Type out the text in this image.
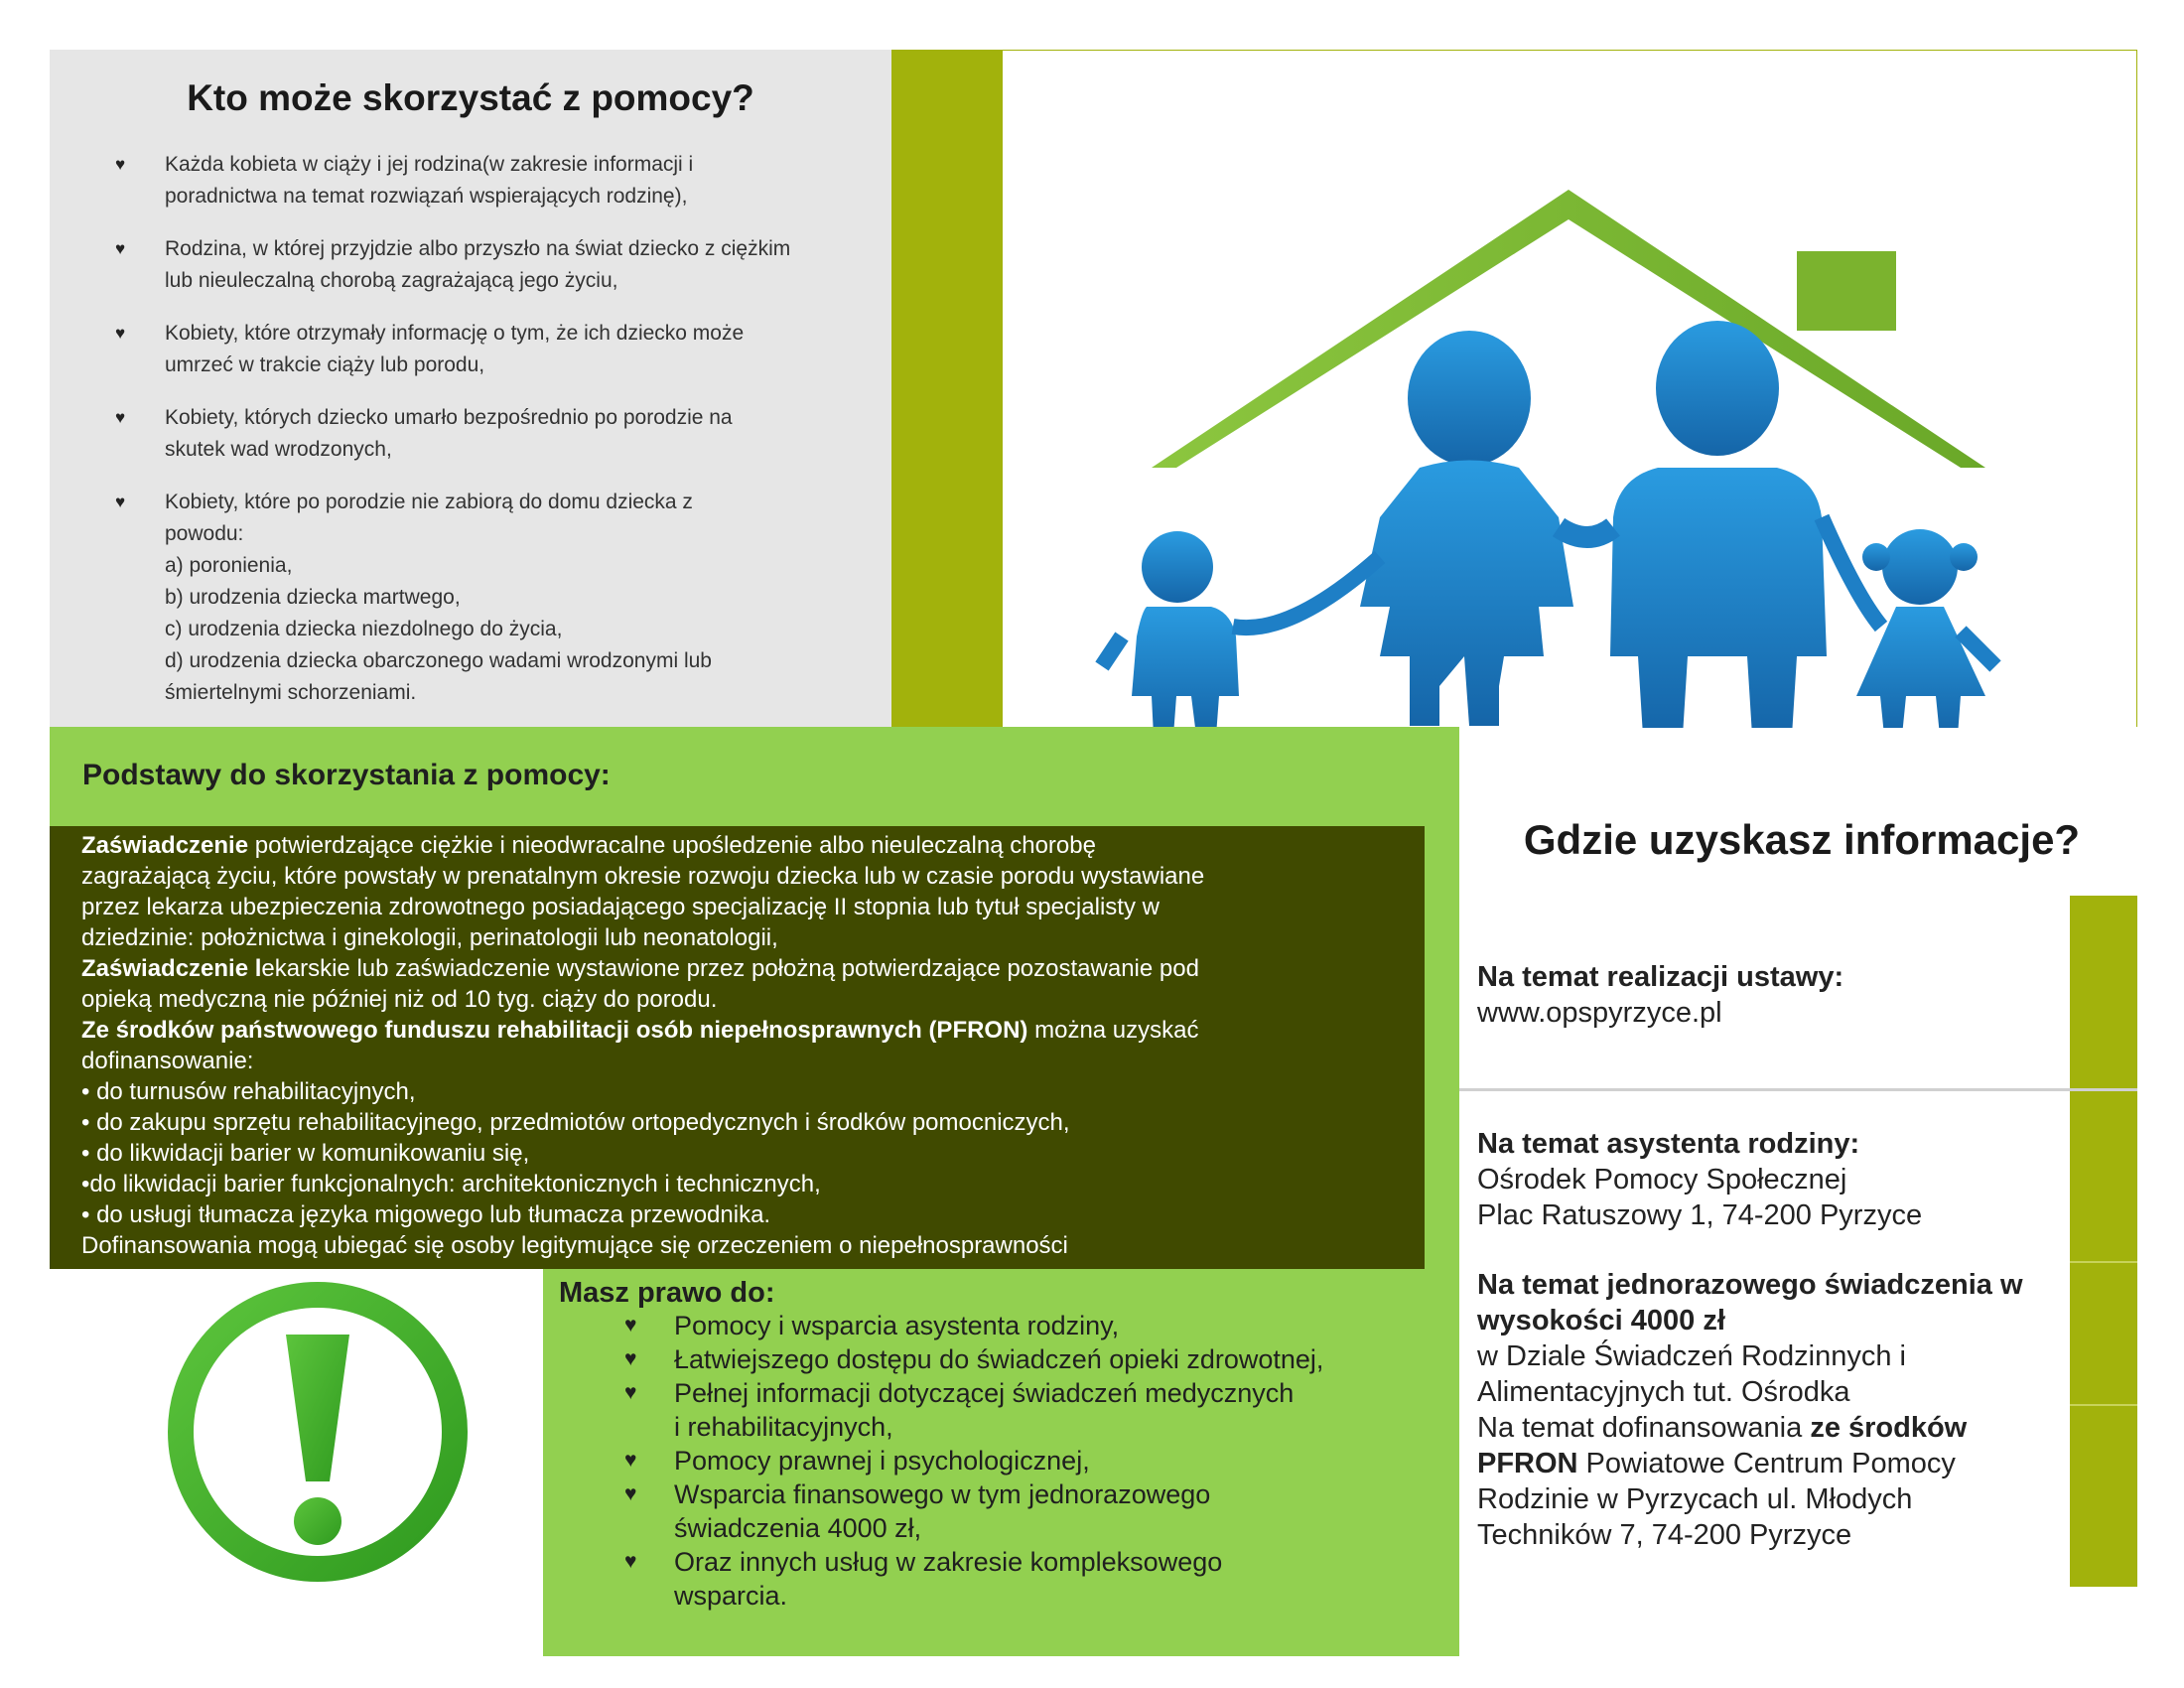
Kto może skorzystać z pomocy?
♥ Każda kobieta w ciąży i jej rodzina(w zakresie informacji i
poradnictwa na temat rozwiązań wspierających rodzinę),
♥ Rodzina, w której przyjdzie albo przyszło na świat dziecko z ciężkim
lub nieuleczalną chorobą zagrażającą jego życiu,
♥ Kobiety, które otrzymały informację o tym, że ich dziecko może
umrzeć w trakcie ciąży lub porodu,
♥ Kobiety, których dziecko umarło bezpośrednio po porodzie na
skutek wad wrodzonych,
♥ Kobiety, które po porodzie nie zabiorą do domu dziecka z
powodu:
a) poronienia,
b) urodzenia dziecka martwego,
c) urodzenia dziecka niezdolnego do życia,
d) urodzenia dziecka obarczonego wadami wrodzonymi lub
śmiertelnymi schorzeniami.
Podstawy do skorzystania z pomocy:
Zaświadczenie potwierdzające ciężkie i nieodwracalne upośledzenie albo nieuleczalną chorobę
zagrażającą życiu, które powstały w prenatalnym okresie rozwoju dziecka lub w czasie porodu wystawiane
przez lekarza ubezpieczenia zdrowotnego posiadającego specjalizację II stopnia lub tytuł specjalisty w
dziedzinie: położnictwa i ginekologii, perinatologii lub neonatologii,
Zaświadczenie lekarskie lub zaświadczenie wystawione przez położną potwierdzające pozostawanie pod
opieką medyczną nie później niż od 10 tyg. ciąży do porodu.
Ze środków państwowego funduszu rehabilitacji osób niepełnosprawnych (PFRON) można uzyskać
dofinansowanie:
• do turnusów rehabilitacyjnych,
• do zakupu sprzętu rehabilitacyjnego, przedmiotów ortopedycznych i środków pomocniczych,
• do likwidacji barier w komunikowaniu się,
•do likwidacji barier funkcjonalnych: architektonicznych i technicznych,
• do usługi tłumacza języka migowego lub tłumacza przewodnika.
Dofinansowania mogą ubiegać się osoby legitymujące się orzeczeniem o niepełnosprawności
Masz prawo do:
♥ Pomocy i wsparcia asystenta rodziny,
♥ Łatwiejszego dostępu do świadczeń opieki zdrowotnej,
♥ Pełnej informacji dotyczącej świadczeń medycznych
i rehabilitacyjnych,
♥ Pomocy prawnej i psychologicznej,
♥ Wsparcia finansowego w tym jednorazowego
świadczenia 4000 zł,
♥ Oraz innych usług w zakresie kompleksowego
wsparcia.
Gdzie uzyskasz informacje?
Na temat realizacji ustawy:
www.opspyrzyce.pl
Na temat asystenta rodziny:
Ośrodek Pomocy Społecznej
Plac Ratuszowy 1, 74-200 Pyrzyce
Na temat jednorazowego świadczenia w
wysokości 4000 zł
w Dziale Świadczeń Rodzinnych i
Alimentacyjnych tut. Ośrodka
Na temat dofinansowania ze środków
PFRON Powiatowe Centrum Pomocy
Rodzinie w Pyrzycach ul. Młodych
Techników 7, 74-200 Pyrzyce
